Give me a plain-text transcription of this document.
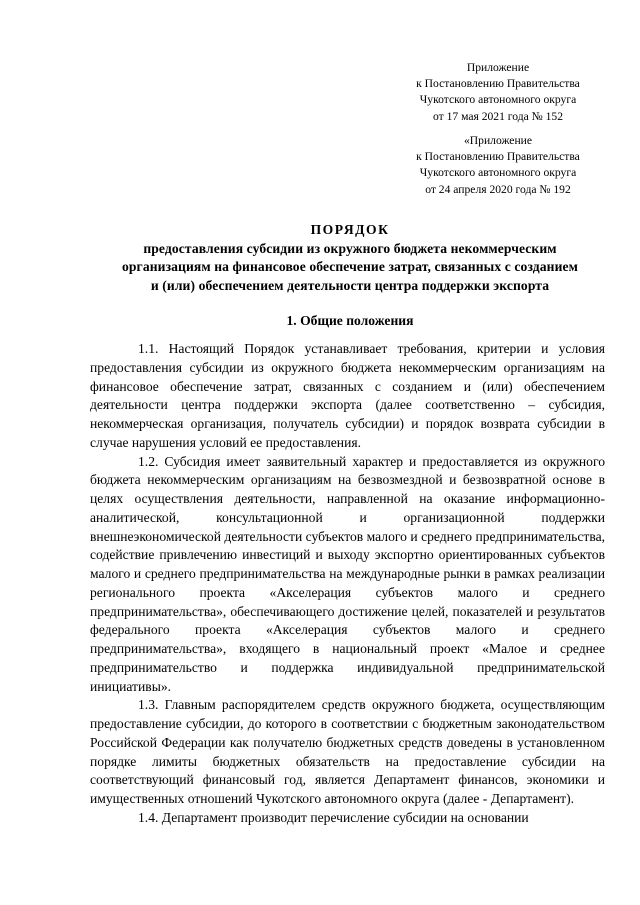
Приложение
к Постановлению Правительства
Чукотского автономного округа
от 17 мая 2021 года № 152
«Приложение
к Постановлению Правительства
Чукотского автономного округа
от 24 апреля 2020 года № 192
ПОРЯДОК
предоставления субсидии из окружного бюджета некоммерческим
организациям на финансовое обеспечение затрат, связанных с созданием
и (или) обеспечением деятельности центра поддержки экспорта
1. Общие положения

1.1. Настоящий Порядок устанавливает требования, критерии и условия предоставления субсидии из окружного бюджета некоммерческим организациям на финансовое обеспечение затрат, связанных с созданием и (или) обеспечением деятельности центра поддержки экспорта (далее соответственно – субсидия, некоммерческая организация, получатель субсидии) и порядок возврата субсидии в случае нарушения условий ее предоставления.

1.2. Субсидия имеет заявительный характер и предоставляется из окружного бюджета некоммерческим организациям на безвозмездной и безвозвратной основе в целях осуществления деятельности, направленной на оказание информационно-аналитической, консультационной и организационной поддержки внешнеэкономической деятельности субъектов малого и среднего предпринимательства, содействие привлечению инвестиций и выходу экспортно ориентированных субъектов малого и среднего предпринимательства на международные рынки в рамках реализации регионального проекта «Акселерация субъектов малого и среднего предпринимательства», обеспечивающего достижение целей, показателей и результатов федерального проекта «Акселерация субъектов малого и среднего предпринимательства», входящего в национальный проект «Малое и среднее предпринимательство и поддержка индивидуальной предпринимательской инициативы».

1.3. Главным распорядителем средств окружного бюджета, осуществляющим предоставление субсидии, до которого в соответствии с бюджетным законодательством Российской Федерации как получателю бюджетных средств доведены в установленном порядке лимиты бюджетных обязательств на предоставление субсидии на соответствующий финансовый год, является Департамент финансов, экономики и имущественных отношений Чукотского автономного округа (далее - Департамент).

1.4. Департамент производит перечисление субсидии на основании
